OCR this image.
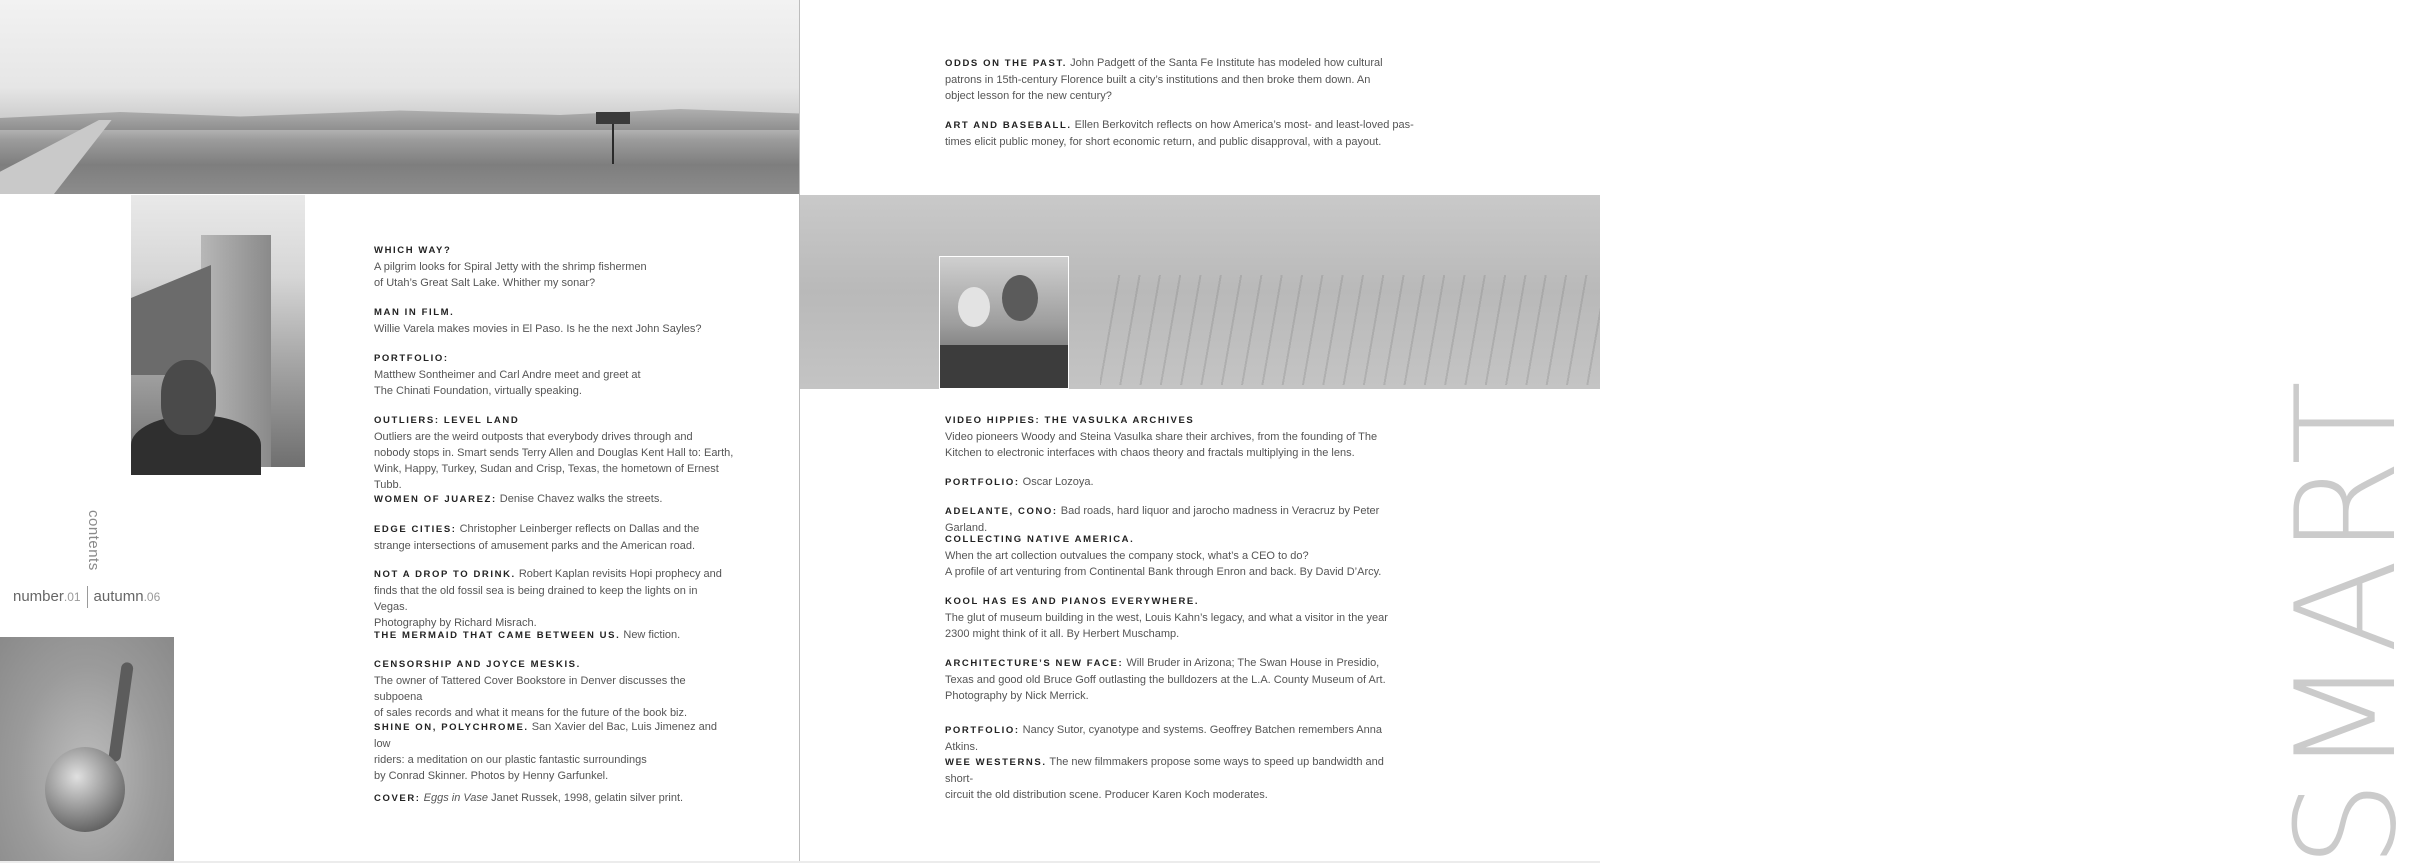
contents
number.01 autumn.06
WHICH WAY?
A pilgrim looks for Spiral Jetty with the shrimp fishermen
of Utah’s Great Salt Lake. Whither my sonar?
MAN IN FILM.
Willie Varela makes movies in El Paso. Is he the next John Sayles?
PORTFOLIO:
Matthew Sontheimer and Carl Andre meet and greet at
The Chinati Foundation, virtually speaking.
OUTLIERS: LEVEL LAND
Outliers are the weird outposts that everybody drives through and
nobody stops in. Smart sends Terry Allen and Douglas Kent Hall to: Earth,
Wink, Happy, Turkey, Sudan and Crisp, Texas, the hometown of Ernest Tubb.
WOMEN OF JUAREZ: Denise Chavez walks the streets.
EDGE CITIES: Christopher Leinberger reflects on Dallas and the
strange intersections of amusement parks and the American road.
NOT A DROP TO DRINK. Robert Kaplan revisits Hopi prophecy and
finds that the old fossil sea is being drained to keep the lights on in Vegas.
Photography by Richard Misrach.
THE MERMAID THAT CAME BETWEEN US. New fiction.
CENSORSHIP AND JOYCE MESKIS.
The owner of Tattered Cover Bookstore in Denver discusses the subpoena
of sales records and what it means for the future of the book biz.
SHINE ON, POLYCHROME. San Xavier del Bac, Luis Jimenez and low
riders: a meditation on our plastic fantastic surroundings
by Conrad Skinner. Photos by Henny Garfunkel.
COVER: Eggs in Vase Janet Russek, 1998, gelatin silver print.	SMART
ODDS ON THE PAST. John Padgett of the Santa Fe Institute has modeled how cultural
patrons in 15th-century Florence built a city’s institutions and then broke them down. An
object lesson for the new century?
ART AND BASEBALL. Ellen Berkovitch reflects on how America’s most- and least-loved pas-
times elicit public money, for short economic return, and public disapproval, with a payout.
VIDEO HIPPIES: THE VASULKA ARCHIVES
Video pioneers Woody and Steina Vasulka share their archives, from the founding of The
Kitchen to electronic interfaces with chaos theory and fractals multiplying in the lens.
PORTFOLIO: Oscar Lozoya.
ADELANTE, CONO: Bad roads, hard liquor and jarocho madness in Veracruz by Peter Garland.
COLLECTING NATIVE AMERICA.
When the art collection outvalues the company stock, what’s a CEO to do?
A profile of art venturing from Continental Bank through Enron and back. By David D’Arcy.
KOOL HAS ES AND PIANOS EVERYWHERE.
The glut of museum building in the west, Louis Kahn’s legacy, and what a visitor in the year
2300 might think of it all. By Herbert Muschamp.
ARCHITECTURE’S NEW FACE: Will Bruder in Arizona; The Swan House in Presidio,
Texas and good old Bruce Goff outlasting the bulldozers at the L.A. County Museum of Art.
Photography by Nick Merrick.
PORTFOLIO: Nancy Sutor, cyanotype and systems. Geoffrey Batchen remembers Anna Atkins.
WEE WESTERNS. The new filmmakers propose some ways to speed up bandwidth and short-
circuit the old distribution scene. Producer Karen Koch moderates.
